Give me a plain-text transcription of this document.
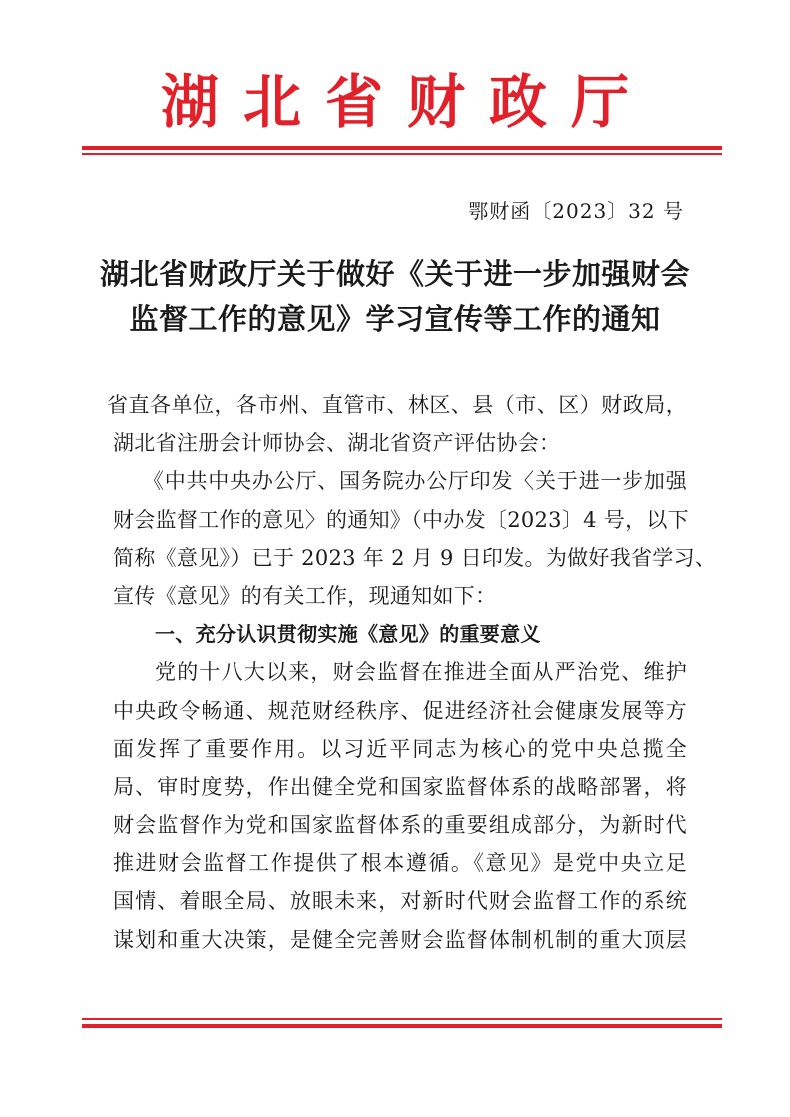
湖北省财政厅
鄂财函〔2023〕32 号
湖北省财政厅关于做好《关于进一步加强财会
监督工作的意见》学习宣传等工作的通知
省直各单位，各市州、直管市、林区、县（市、区）财政局，
湖北省注册会计师协会、湖北省资产评估协会：
《中共中央办公厅、国务院办公厅印发〈关于进一步加强
财会监督工作的意见〉的通知》（中办发〔2023〕4 号，以下
简称《意见》）已于 2023 年 2 月 9 日印发。为做好我省学习、
宣传《意见》的有关工作，现通知如下：
一、充分认识贯彻实施《意见》的重要意义
党的十八大以来，财会监督在推进全面从严治党、维护
中央政令畅通、规范财经秩序、促进经济社会健康发展等方
面发挥了重要作用。以习近平同志为核心的党中央总揽全
局、审时度势，作出健全党和国家监督体系的战略部署，将
财会监督作为党和国家监督体系的重要组成部分，为新时代
推进财会监督工作提供了根本遵循。《意见》是党中央立足
国情、着眼全局、放眼未来，对新时代财会监督工作的系统
谋划和重大决策，是健全完善财会监督体制机制的重大顶层
